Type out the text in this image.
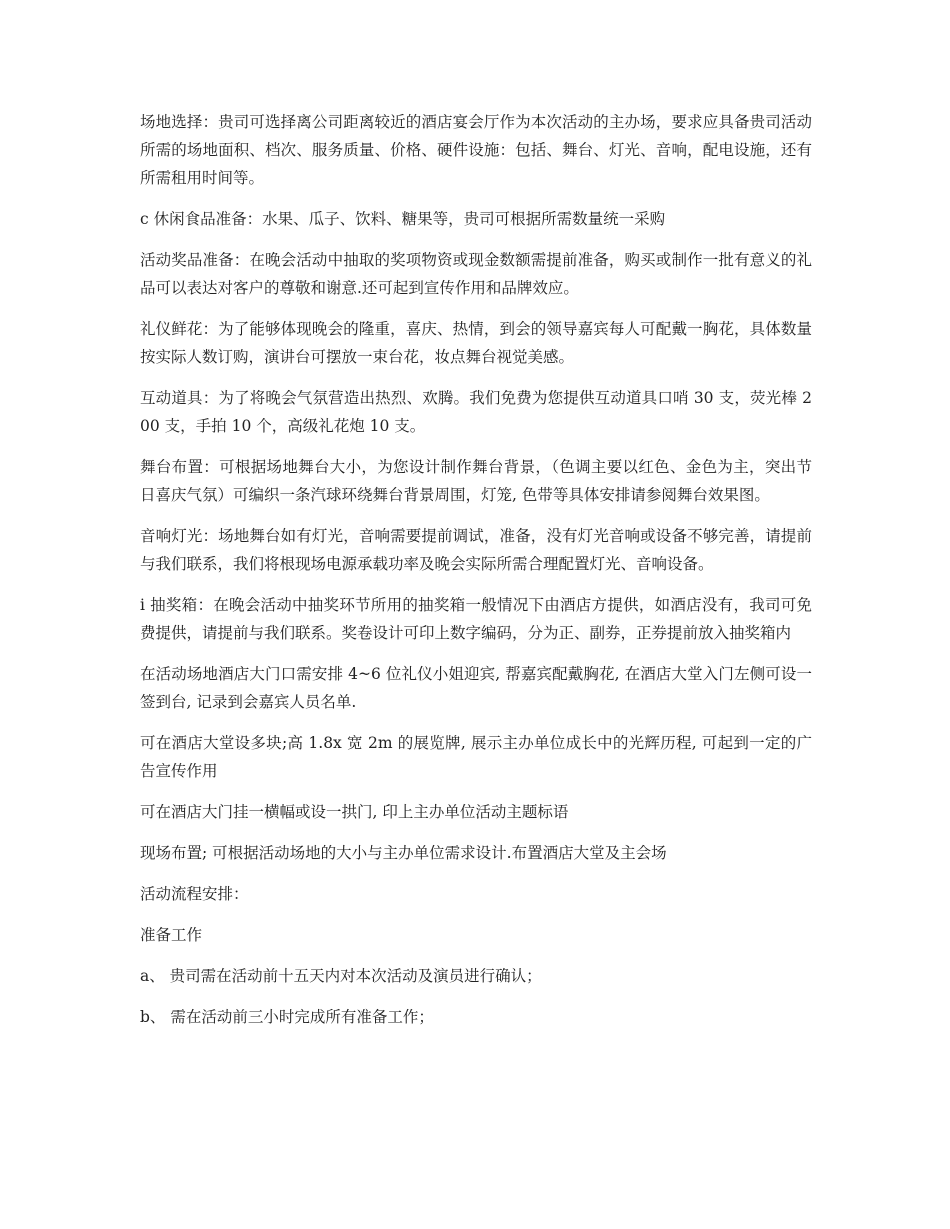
场地选择：贵司可选择离公司距离较近的酒店宴会厅作为本次活动的主办场，要求应具备贵司活动所需的场地面积、档次、服务质量、价格、硬件设施：包括、舞台、灯光、音响，配电设施，还有所需租用时间等。

c 休闲食品准备：水果、瓜子、饮料、糖果等，贵司可根据所需数量统一采购

活动奖品准备：在晚会活动中抽取的奖项物资或现金数额需提前准备，购买或制作一批有意义的礼品可以表达对客户的尊敬和谢意.还可起到宣传作用和品牌效应。

礼仪鲜花：为了能够体现晚会的隆重，喜庆、热情，到会的领导嘉宾每人可配戴一胸花，具体数量按实际人数订购，演讲台可摆放一束台花，妆点舞台视觉美感。

互动道具：为了将晚会气氛营造出热烈、欢腾。我们免费为您提供互动道具口哨 30 支，荧光棒 200 支，手拍 10 个，高级礼花炮 10 支。

舞台布置：可根据场地舞台大小，为您设计制作舞台背景，（色调主要以红色、金色为主，突出节日喜庆气氛）可编织一条汽球环绕舞台背景周围，灯笼, 色带等具体安排请参阅舞台效果图。

音响灯光：场地舞台如有灯光，音响需要提前调试，准备，没有灯光音响或设备不够完善，请提前与我们联系，我们将根现场电源承载功率及晚会实际所需合理配置灯光、音响设备。

i 抽奖箱：在晚会活动中抽奖环节所用的抽奖箱一般情况下由酒店方提供，如酒店没有，我司可免费提供，请提前与我们联系。奖卷设计可印上数字编码，分为正、副券，正券提前放入抽奖箱内

在活动场地酒店大门口需安排 4~6 位礼仪小姐迎宾, 帮嘉宾配戴胸花, 在酒店大堂入门左侧可设一签到台, 记录到会嘉宾人员名单.

可在酒店大堂设多块;高 1.8x 宽 2m 的展览牌, 展示主办单位成长中的光辉历程, 可起到一定的广告宣传作用

可在酒店大门挂一横幅或设一拱门, 印上主办单位活动主题标语

现场布置; 可根据活动场地的大小与主办单位需求设计.布置酒店大堂及主会场

活动流程安排：

准备工作

a、 贵司需在活动前十五天内对本次活动及演员进行确认；

b、 需在活动前三小时完成所有准备工作；
